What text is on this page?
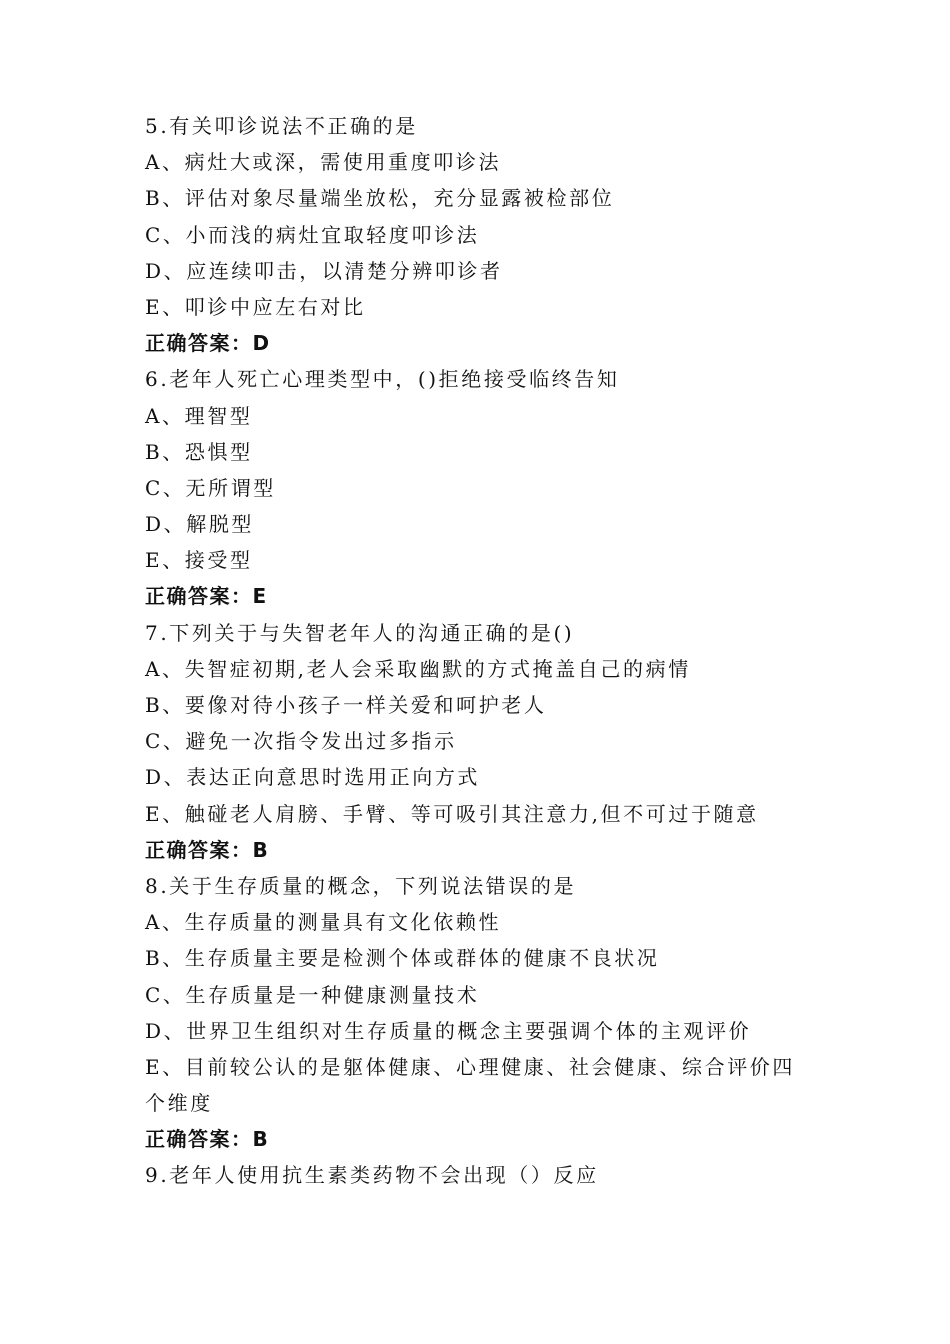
5.有关叩诊说法不正确的是

A、病灶大或深，需使用重度叩诊法

B、评估对象尽量端坐放松，充分显露被检部位

C、小而浅的病灶宜取轻度叩诊法

D、应连续叩击，以清楚分辨叩诊者

E、叩诊中应左右对比

正确答案：D

6.老年人死亡心理类型中，()拒绝接受临终告知

A、理智型

B、恐惧型

C、无所谓型

D、解脱型

E、接受型

正确答案：E

7.下列关于与失智老年人的沟通正确的是()

A、失智症初期,老人会采取幽默的方式掩盖自己的病情

B、要像对待小孩子一样关爱和呵护老人

C、避免一次指令发出过多指示

D、表达正向意思时选用正向方式

E、触碰老人肩膀、手臂、等可吸引其注意力,但不可过于随意

正确答案：B

8.关于生存质量的概念，下列说法错误的是

A、生存质量的测量具有文化依赖性

B、生存质量主要是检测个体或群体的健康不良状况

C、生存质量是一种健康测量技术

D、世界卫生组织对生存质量的概念主要强调个体的主观评价

E、目前较公认的是躯体健康、心理健康、社会健康、综合评价四个维度

正确答案：B

9.老年人使用抗生素类药物不会出现（）反应
